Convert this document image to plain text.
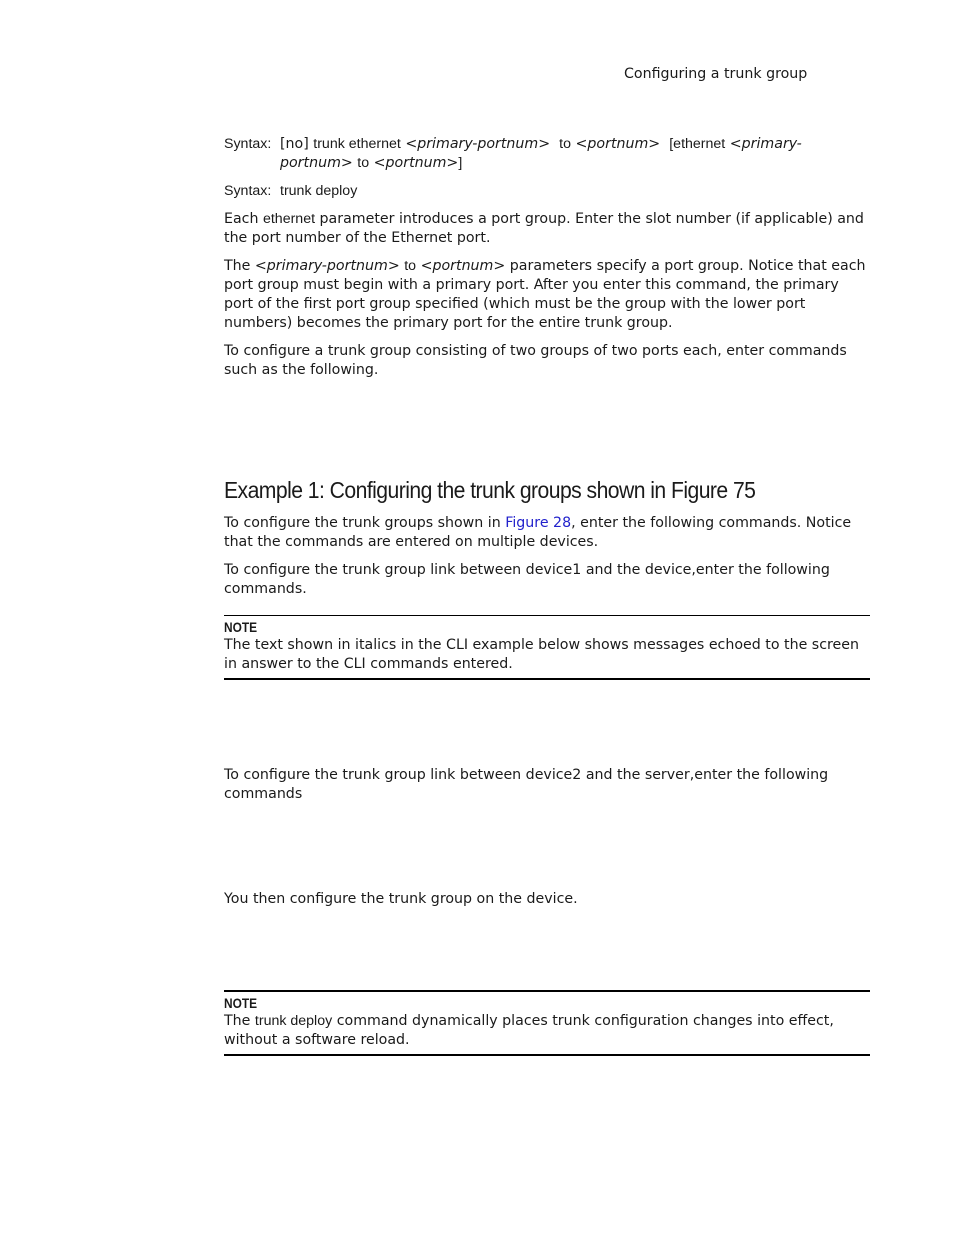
Configuring a trunk group
Syntax: [no] trunk ethernet <primary-portnum> to <portnum> [ethernet <primary-portnum> to <portnum>]
Syntax: trunk deploy

Each ethernet parameter introduces a port group. Enter the slot number (if applicable) and the port number of the Ethernet port.

The <primary-portnum> to <portnum> parameters specify a port group. Notice that each port group must begin with a primary port. After you enter this command, the primary port of the first port group specified (which must be the group with the lower port numbers) becomes the primary port for the entire trunk group.

To configure a trunk group consisting of two groups of two ports each, enter commands such as the following.

Example 1: Configuring the trunk groups shown in Figure 75

To configure the trunk groups shown in Figure 28, enter the following commands. Notice that the commands are entered on multiple devices.

To configure the trunk group link between device1 and the device,enter the following commands.

NOTE
The text shown in italics in the CLI example below shows messages echoed to the screen in answer to the CLI commands entered.

To configure the trunk group link between device2 and the server,enter the following commands

You then configure the trunk group on the device.

NOTE
The trunk deploy command dynamically places trunk configuration changes into effect, without a software reload.
